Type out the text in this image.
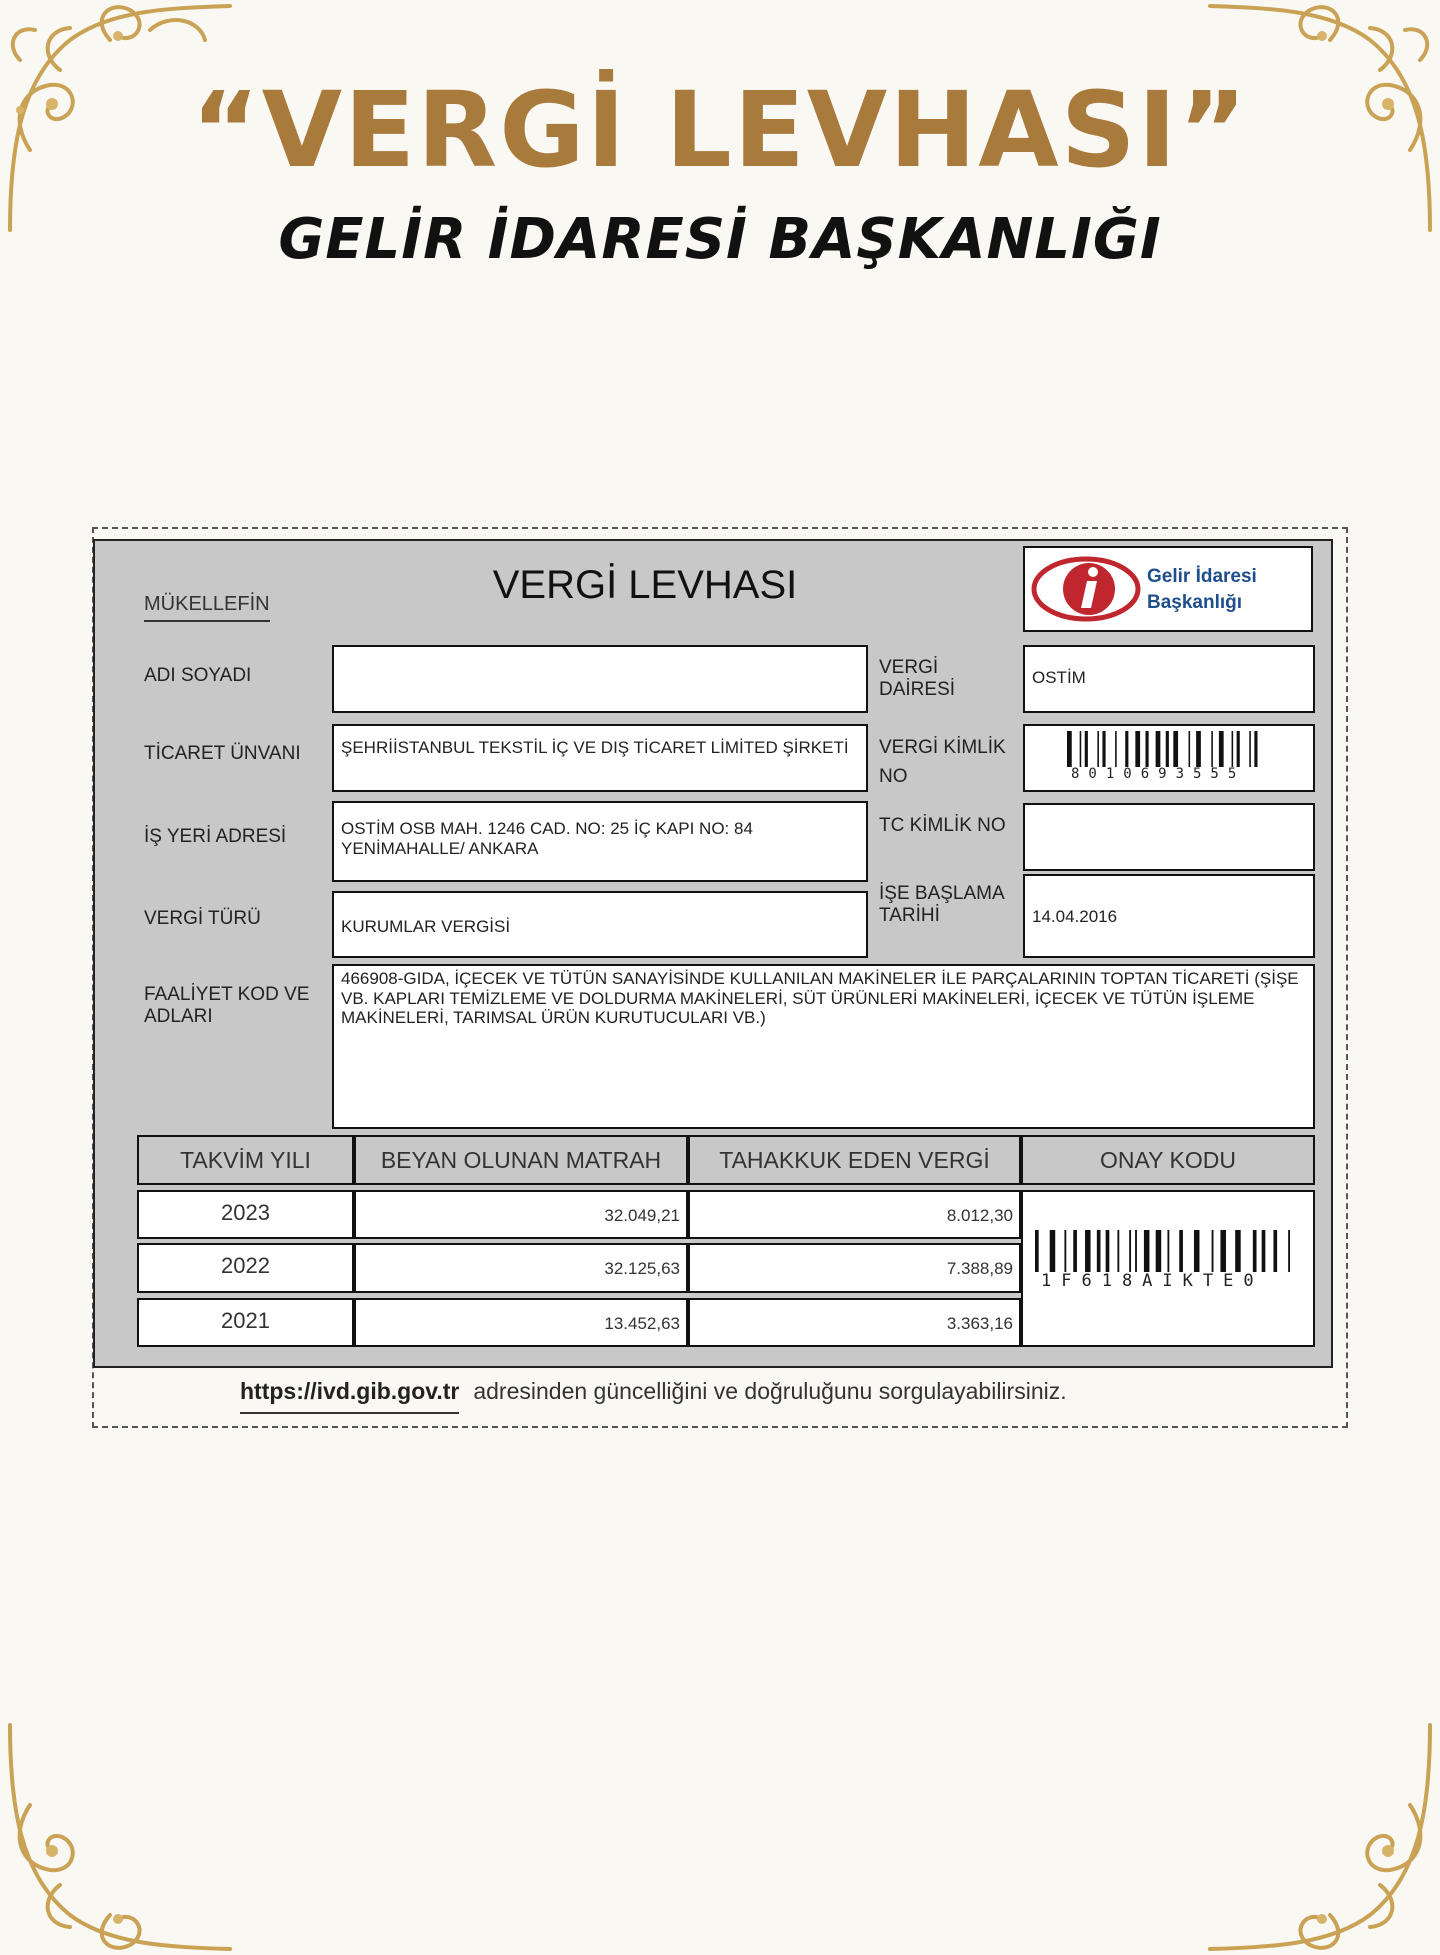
“VERGİ LEVHASI”
GELİR İDARESİ BAŞKANLIĞI
MÜKELLEFİN	VERGİ LEVHASI	Gelir İdaresi
Başkanlığı
ADI SOYADI
TİCARET ÜNVANI	ŞEHRİİSTANBUL TEKSTİL İÇ VE DIŞ TİCARET LİMİTED ŞİRKETİ
İŞ YERİ ADRESİ	OSTİM OSB MAH. 1246 CAD. NO: 25 İÇ KAPI NO: 84 YENİMAHALLE/ ANKARA
VERGİ TÜRÜ	KURUMLAR VERGİSİ
FAALİYET KOD VE ADLARI
466908-GIDA, İÇECEK VE TÜTÜN SANAYİSİNDE KULLANILAN MAKİNELER İLE PARÇALARININ TOPTAN TİCARETİ (ŞİŞE VB. KAPLARI TEMİZLEME VE DOLDURMA MAKİNELERİ, SÜT ÜRÜNLERİ MAKİNELERİ, İÇECEK VE TÜTÜN İŞLEME MAKİNELERİ, TARIMSAL ÜRÜN KURUTUCULARI VB.)
VERGİ DAİRESİ
OSTİM
VERGİ KİMLİK NO	8010693555
TC KİMLİK NO
İŞE BAŞLAMA TARİHİ	14.04.2016
TAKVİM YILI	BEYAN OLUNAN MATRAH	TAHAKKUK EDEN VERGİ	ONAY KODU
2023	32.049,21	8.012,30
2022	32.125,63	7.388,89
2021	13.452,63	3.363,16
1F618AIKTE0
https://ivd.gib.gov.tr adresinden güncelliğini ve doğruluğunu sorgulayabilirsiniz.
